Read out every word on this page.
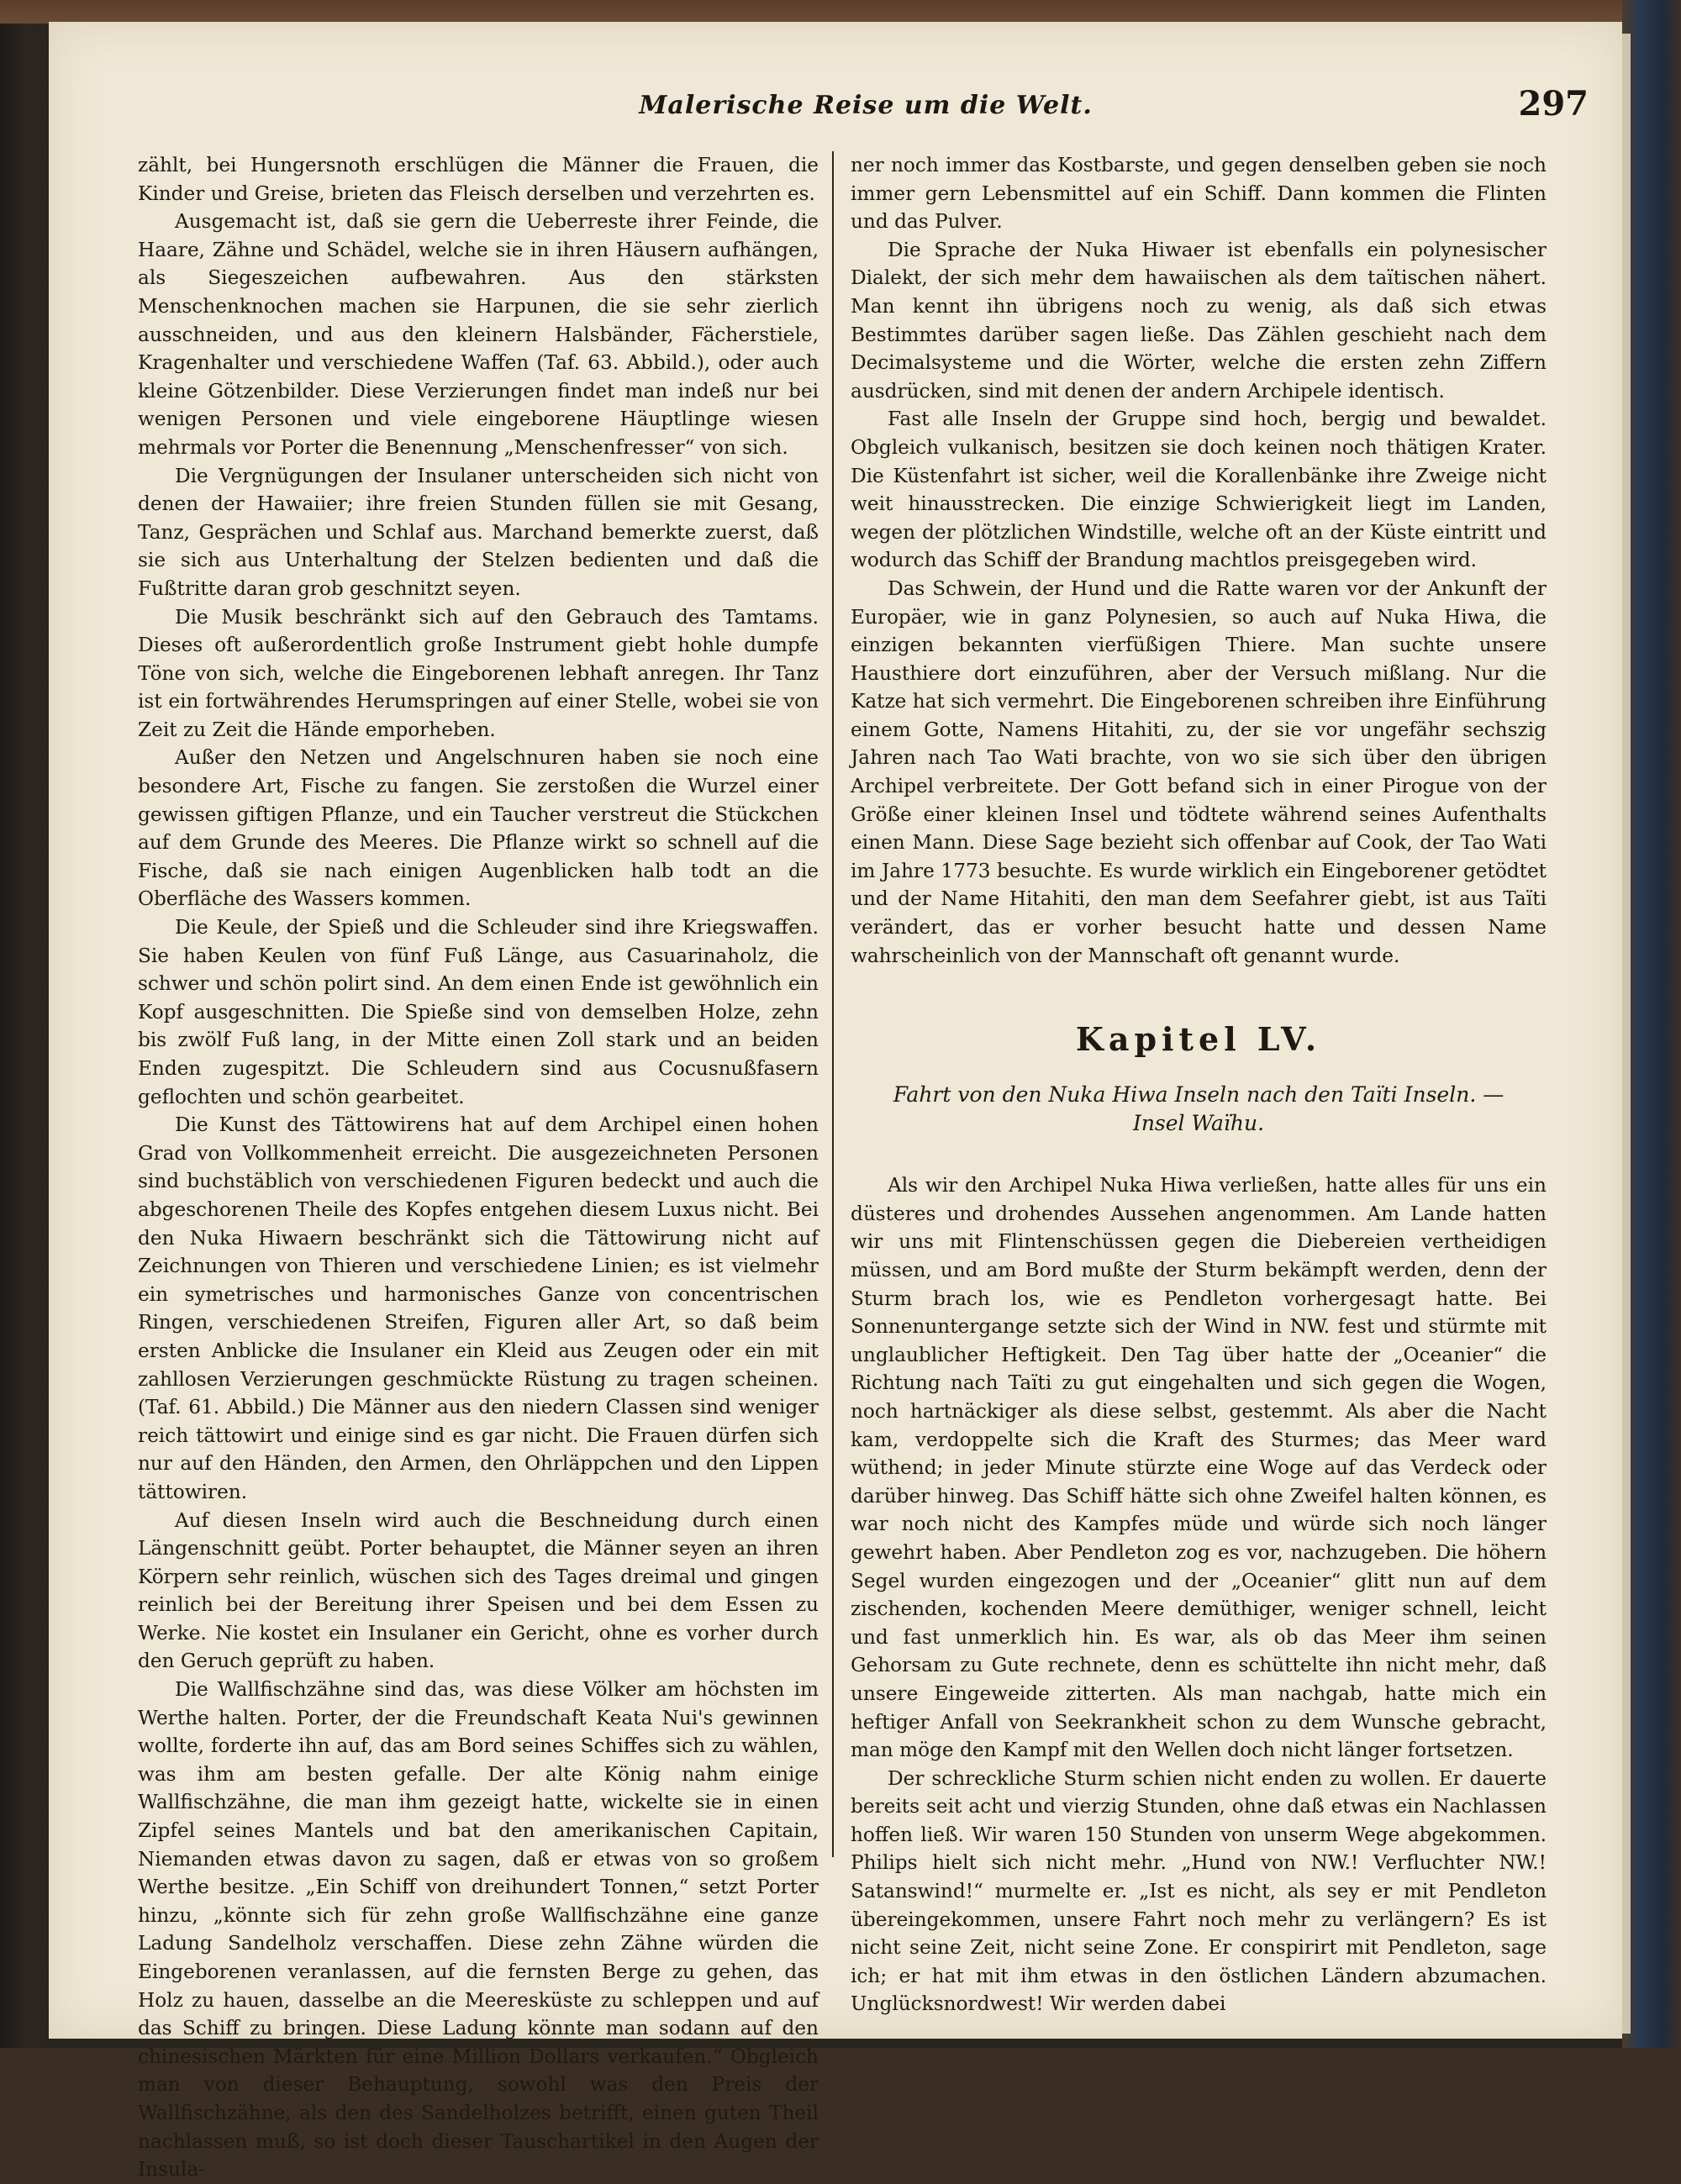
Malerische Reise um die Welt.	297

zählt, bei Hungersnoth erschlügen die Männer die Frauen, die Kinder und Greise, brieten das Fleisch derselben und verzehrten es.

Ausgemacht ist, daß sie gern die Ueberreste ihrer Feinde, die Haare, Zähne und Schädel, welche sie in ihren Häusern aufhängen, als Siegeszeichen aufbewahren. Aus den stärksten Menschenknochen machen sie Harpunen, die sie sehr zierlich ausschneiden, und aus den kleinern Halsbänder, Fächerstiele, Kragenhalter und verschiedene Waffen (Taf. 63. Abbild.), oder auch kleine Götzenbilder. Diese Verzierungen findet man indeß nur bei wenigen Personen und viele eingeborene Häuptlinge wiesen mehrmals vor Porter die Benennung „Menschenfresser“ von sich.

Die Vergnügungen der Insulaner unterscheiden sich nicht von denen der Hawaiier; ihre freien Stunden füllen sie mit Gesang, Tanz, Gesprächen und Schlaf aus. Marchand bemerkte zuerst, daß sie sich aus Unterhaltung der Stelzen bedienten und daß die Fußtritte daran grob geschnitzt seyen.

Die Musik beschränkt sich auf den Gebrauch des Tamtams. Dieses oft außerordentlich große Instrument giebt hohle dumpfe Töne von sich, welche die Eingeborenen lebhaft anregen. Ihr Tanz ist ein fortwährendes Herumspringen auf einer Stelle, wobei sie von Zeit zu Zeit die Hände emporheben.

Außer den Netzen und Angelschnuren haben sie noch eine besondere Art, Fische zu fangen. Sie zerstoßen die Wurzel einer gewissen giftigen Pflanze, und ein Taucher verstreut die Stückchen auf dem Grunde des Meeres. Die Pflanze wirkt so schnell auf die Fische, daß sie nach einigen Augenblicken halb todt an die Oberfläche des Wassers kommen.

Die Keule, der Spieß und die Schleuder sind ihre Kriegswaffen. Sie haben Keulen von fünf Fuß Länge, aus Casuarinaholz, die schwer und schön polirt sind. An dem einen Ende ist gewöhnlich ein Kopf ausgeschnitten. Die Spieße sind von demselben Holze, zehn bis zwölf Fuß lang, in der Mitte einen Zoll stark und an beiden Enden zugespitzt. Die Schleudern sind aus Cocusnußfasern geflochten und schön gearbeitet.

Die Kunst des Tättowirens hat auf dem Archipel einen hohen Grad von Vollkommenheit erreicht. Die ausgezeichneten Personen sind buchstäblich von verschiedenen Figuren bedeckt und auch die abgeschorenen Theile des Kopfes entgehen diesem Luxus nicht. Bei den Nuka Hiwaern beschränkt sich die Tättowirung nicht auf Zeichnungen von Thieren und verschiedene Linien; es ist vielmehr ein symetrisches und harmonisches Ganze von concentrischen Ringen, verschiedenen Streifen, Figuren aller Art, so daß beim ersten Anblicke die Insulaner ein Kleid aus Zeugen oder ein mit zahllosen Verzierungen geschmückte Rüstung zu tragen scheinen. (Taf. 61. Abbild.) Die Männer aus den niedern Classen sind weniger reich tättowirt und einige sind es gar nicht. Die Frauen dürfen sich nur auf den Händen, den Armen, den Ohrläppchen und den Lippen tättowiren.

Auf diesen Inseln wird auch die Beschneidung durch einen Längenschnitt geübt. Porter behauptet, die Männer seyen an ihren Körpern sehr reinlich, wüschen sich des Tages dreimal und gingen reinlich bei der Bereitung ihrer Speisen und bei dem Essen zu Werke. Nie kostet ein Insulaner ein Gericht, ohne es vorher durch den Geruch geprüft zu haben.

Die Wallfischzähne sind das, was diese Völker am höchsten im Werthe halten. Porter, der die Freundschaft Keata Nui's gewinnen wollte, forderte ihn auf, das am Bord seines Schiffes sich zu wählen, was ihm am besten gefalle. Der alte König nahm einige Wallfischzähne, die man ihm gezeigt hatte, wickelte sie in einen Zipfel seines Mantels und bat den amerikanischen Capitain, Niemanden etwas davon zu sagen, daß er etwas von so großem Werthe besitze. „Ein Schiff von dreihundert Tonnen,“ setzt Porter hinzu, „könnte sich für zehn große Wallfischzähne eine ganze Ladung Sandelholz verschaffen. Diese zehn Zähne würden die Eingeborenen veranlassen, auf die fernsten Berge zu gehen, das Holz zu hauen, dasselbe an die Meeresküste zu schleppen und auf das Schiff zu bringen. Diese Ladung könnte man sodann auf den chinesischen Märkten für eine Million Dollars verkaufen.“ Obgleich man von dieser Behauptung, sowohl was den Preis der Wallfischzähne, als den des Sandelholzes betrifft, einen guten Theil nachlassen muß, so ist doch dieser Tauschartikel in den Augen der Insula-

ner noch immer das Kostbarste, und gegen denselben geben sie noch immer gern Lebensmittel auf ein Schiff. Dann kommen die Flinten und das Pulver.

Die Sprache der Nuka Hiwaer ist ebenfalls ein polynesischer Dialekt, der sich mehr dem hawaiischen als dem taïtischen nähert. Man kennt ihn übrigens noch zu wenig, als daß sich etwas Bestimmtes darüber sagen ließe. Das Zählen geschieht nach dem Decimalsysteme und die Wörter, welche die ersten zehn Ziffern ausdrücken, sind mit denen der andern Archipele identisch.

Fast alle Inseln der Gruppe sind hoch, bergig und bewaldet. Obgleich vulkanisch, besitzen sie doch keinen noch thätigen Krater. Die Küstenfahrt ist sicher, weil die Korallenbänke ihre Zweige nicht weit hinausstrecken. Die einzige Schwierigkeit liegt im Landen, wegen der plötzlichen Windstille, welche oft an der Küste eintritt und wodurch das Schiff der Brandung machtlos preisgegeben wird.

Das Schwein, der Hund und die Ratte waren vor der Ankunft der Europäer, wie in ganz Polynesien, so auch auf Nuka Hiwa, die einzigen bekannten vierfüßigen Thiere. Man suchte unsere Hausthiere dort einzuführen, aber der Versuch mißlang. Nur die Katze hat sich vermehrt. Die Eingeborenen schreiben ihre Einführung einem Gotte, Namens Hitahiti, zu, der sie vor ungefähr sechszig Jahren nach Tao Wati brachte, von wo sie sich über den übrigen Archipel verbreitete. Der Gott befand sich in einer Pirogue von der Größe einer kleinen Insel und tödtete während seines Aufenthalts einen Mann. Diese Sage bezieht sich offenbar auf Cook, der Tao Wati im Jahre 1773 besuchte. Es wurde wirklich ein Eingeborener getödtet und der Name Hitahiti, den man dem Seefahrer giebt, ist aus Taïti verändert, das er vorher besucht hatte und dessen Name wahrscheinlich von der Mannschaft oft genannt wurde.

Kapitel LV.
Fahrt von den Nuka Hiwa Inseln nach den Taïti Inseln. —
Insel Waïhu.

Als wir den Archipel Nuka Hiwa verließen, hatte alles für uns ein düsteres und drohendes Aussehen angenommen. Am Lande hatten wir uns mit Flintenschüssen gegen die Diebereien vertheidigen müssen, und am Bord mußte der Sturm bekämpft werden, denn der Sturm brach los, wie es Pendleton vorhergesagt hatte. Bei Sonnenuntergange setzte sich der Wind in NW. fest und stürmte mit unglaublicher Heftigkeit. Den Tag über hatte der „Oceanier“ die Richtung nach Taïti zu gut eingehalten und sich gegen die Wogen, noch hartnäckiger als diese selbst, gestemmt. Als aber die Nacht kam, verdoppelte sich die Kraft des Sturmes; das Meer ward wüthend; in jeder Minute stürzte eine Woge auf das Verdeck oder darüber hinweg. Das Schiff hätte sich ohne Zweifel halten können, es war noch nicht des Kampfes müde und würde sich noch länger gewehrt haben. Aber Pendleton zog es vor, nachzugeben. Die höhern Segel wurden eingezogen und der „Oceanier“ glitt nun auf dem zischenden, kochenden Meere demüthiger, weniger schnell, leicht und fast unmerklich hin. Es war, als ob das Meer ihm seinen Gehorsam zu Gute rechnete, denn es schüttelte ihn nicht mehr, daß unsere Eingeweide zitterten. Als man nachgab, hatte mich ein heftiger Anfall von Seekrankheit schon zu dem Wunsche gebracht, man möge den Kampf mit den Wellen doch nicht länger fortsetzen.

Der schreckliche Sturm schien nicht enden zu wollen. Er dauerte bereits seit acht und vierzig Stunden, ohne daß etwas ein Nachlassen hoffen ließ. Wir waren 150 Stunden von unserm Wege abgekommen. Philips hielt sich nicht mehr. „Hund von NW.! Verfluchter NW.! Satanswind!“ murmelte er. „Ist es nicht, als sey er mit Pendleton übereingekommen, unsere Fahrt noch mehr zu verlängern? Es ist nicht seine Zeit, nicht seine Zone. Er conspirirt mit Pendleton, sage ich; er hat mit ihm etwas in den östlichen Ländern abzumachen. Unglücksnordwest! Wir werden dabei
